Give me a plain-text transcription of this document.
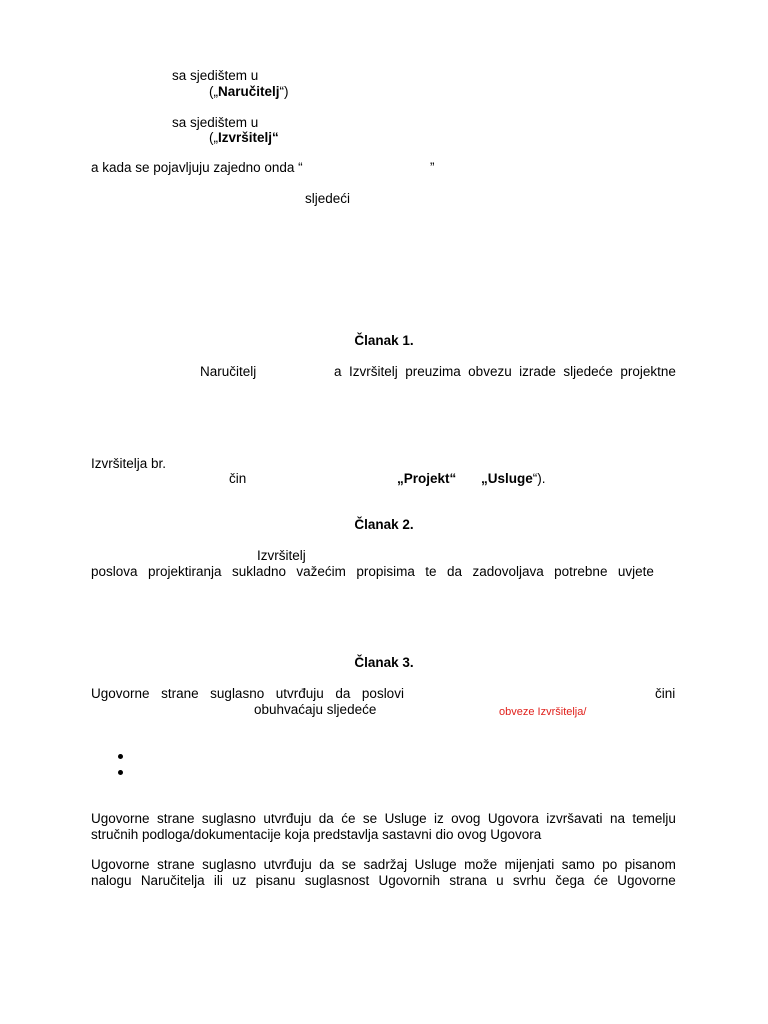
sa sjedištem u
(„Naručitelj“)
sa sjedištem u
(„Izvršitelj“
a kada se pojavljuju zajedno onda “	”
sljedeći
Članak 1.
Naručitelj	a Izvršitelj preuzima obvezu izrade sljedeće projektne
Izvršitelja br.
čin	„Projekt“ „Usluge“).
Članak 2.
Izvršitelj
poslova projektiranja sukladno važećim propisima te da zadovoljava potrebne uvjete
Članak 3.
Ugovorne strane suglasno utvrđuju da poslovi	čini
obuhvaćaju sljedeće	obveze Izvršitelja/
Ugovorne strane suglasno utvrđuju da će se Usluge iz ovog Ugovora izvršavati na temelju
stručnih podloga/dokumentacije koja predstavlja sastavni dio ovog Ugovora
Ugovorne strane suglasno utvrđuju da se sadržaj Usluge može mijenjati samo po pisanom
nalogu Naručitelja ili uz pisanu suglasnost Ugovornih strana u svrhu čega će Ugovorne
